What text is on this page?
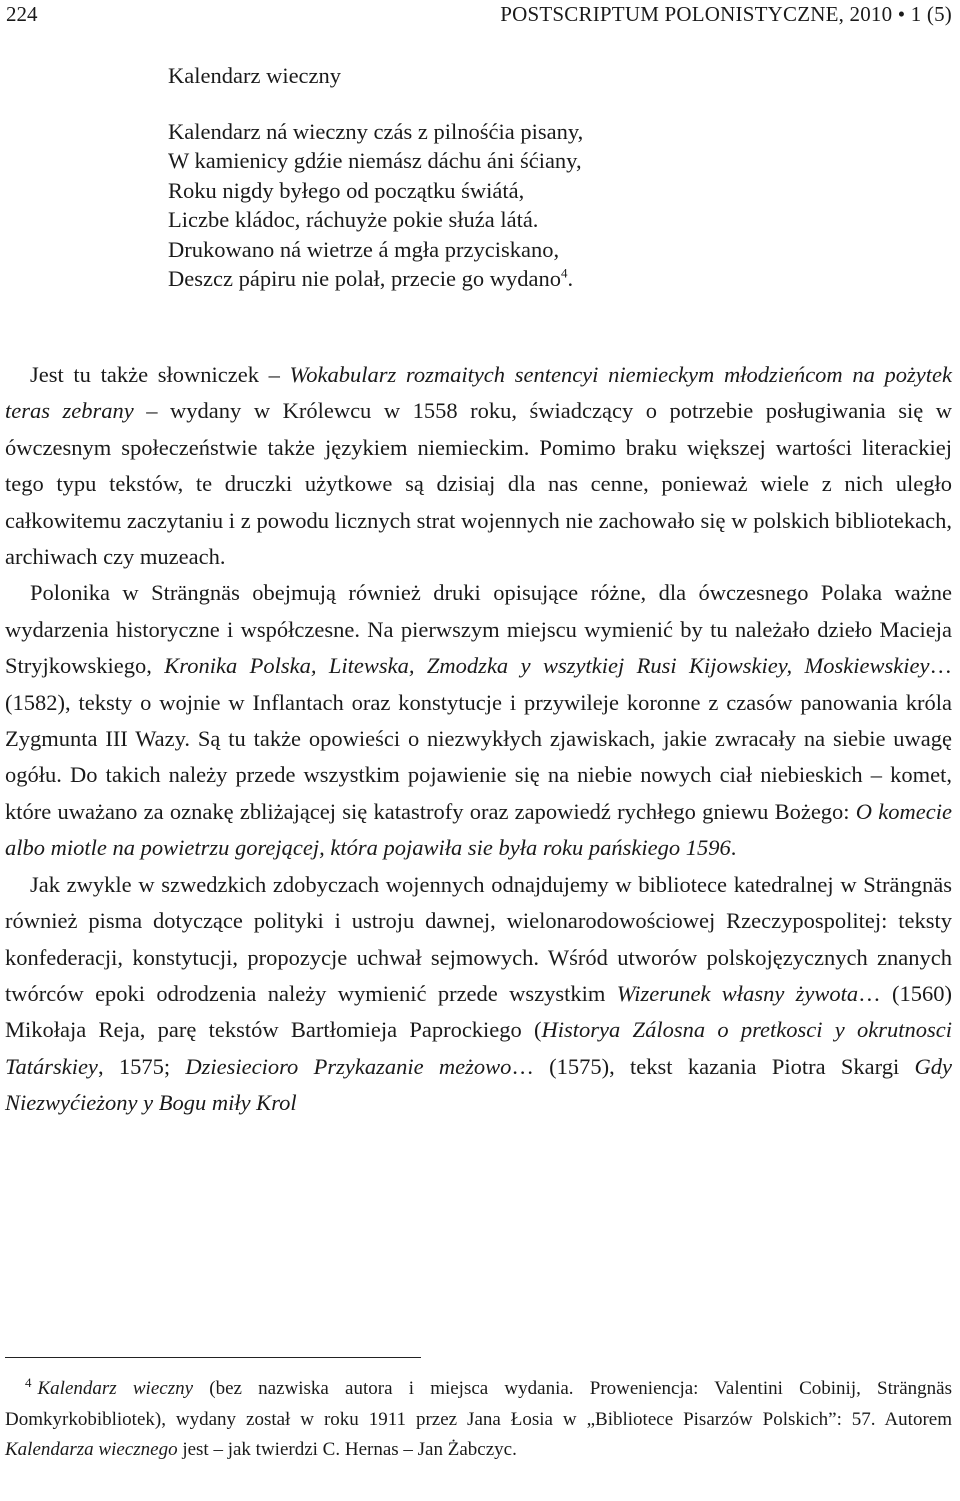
224	POSTSCRIPTUM POLONISTYCZNE, 2010 • 1 (5)
Kalendarz wieczny
Kalendarz ná wieczny czás z pilnośćia pisany,
W kamienicy gdźie niemász dáchu áni śćiany,
Roku nigdy byłego od początku świátá,
Liczbe kládoc, ráchuyże pokie słuźa látá.
Drukowano ná wietrze á mgła przyciskano,
Deszcz pápiru nie polał, przecie go wydano$^4$.

Jest tu także słowniczek – Wokabularz rozmaitych sentencyi niemieckym młodzieńcom na pożytek teras zebrany – wydany w Królewcu w 1558 roku, świadczący o potrzebie posługiwania się w ówczesnym społeczeństwie także językiem niemieckim. Pomimo braku większej wartości literackiej tego typu tekstów, te druczki użytkowe są dzisiaj dla nas cenne, ponieważ wiele z nich uległo całkowitemu zaczytaniu i z powodu licznych strat wojennych nie zachowało się w polskich bibliotekach, archiwach czy muzeach.

Polonika w Strängnäs obejmują również druki opisujące różne, dla ówczesnego Polaka ważne wydarzenia historyczne i współczesne. Na pierwszym miejscu wymienić by tu należało dzieło Macieja Stryjkowskiego, Kronika Polska, Litewska, Zmodzka y wszytkiej Rusi Kijowskiey, Moskiewskiey… (1582), teksty o wojnie w Inflantach oraz konstytucje i przywileje koronne z czasów panowania króla Zygmunta III Wazy. Są tu także opowieści o niezwykłych zjawiskach, jakie zwracały na siebie uwagę ogółu. Do takich należy przede wszystkim pojawienie się na niebie nowych ciał niebieskich – komet, które uważano za oznakę zbliżającej się katastrofy oraz zapowiedź rychłego gniewu Bożego: O komecie albo miotle na powietrzu gorejącej, która pojawiła sie była roku pańskiego 1596.

Jak zwykle w szwedzkich zdobyczach wojennych odnajdujemy w bibliotece katedralnej w Strängnäs również pisma dotyczące polityki i ustroju dawnej, wielonarodowościowej Rzeczypospolitej: teksty konfederacji, konstytucji, propozycje uchwał sejmowych. Wśród utworów polskojęzycznych znanych twórców epoki odrodzenia należy wymienić przede wszystkim Wizerunek własny żywota… (1560) Mikołaja Reja, parę tekstów Bartłomieja Paprockiego (Historya Zálosna o pretkosci y okrutnosci Tatárskiey, 1575; Dziesiecioro Przykazanie meżowo… (1575), tekst kazania Piotra Skargi Gdy Niezwyćieżony y Bogu miły Krol

$^4$ Kalendarz wieczny (bez nazwiska autora i miejsca wydania. Proweniencja: Valentini Cobinij, Strängnäs Domkyrkobibliotek), wydany został w roku 1911 przez Jana Łosia w „Bibliotece Pisarzów Polskich”: 57. Autorem Kalendarza wiecznego jest – jak twierdzi C. Hernas – Jan Żabczyc.
